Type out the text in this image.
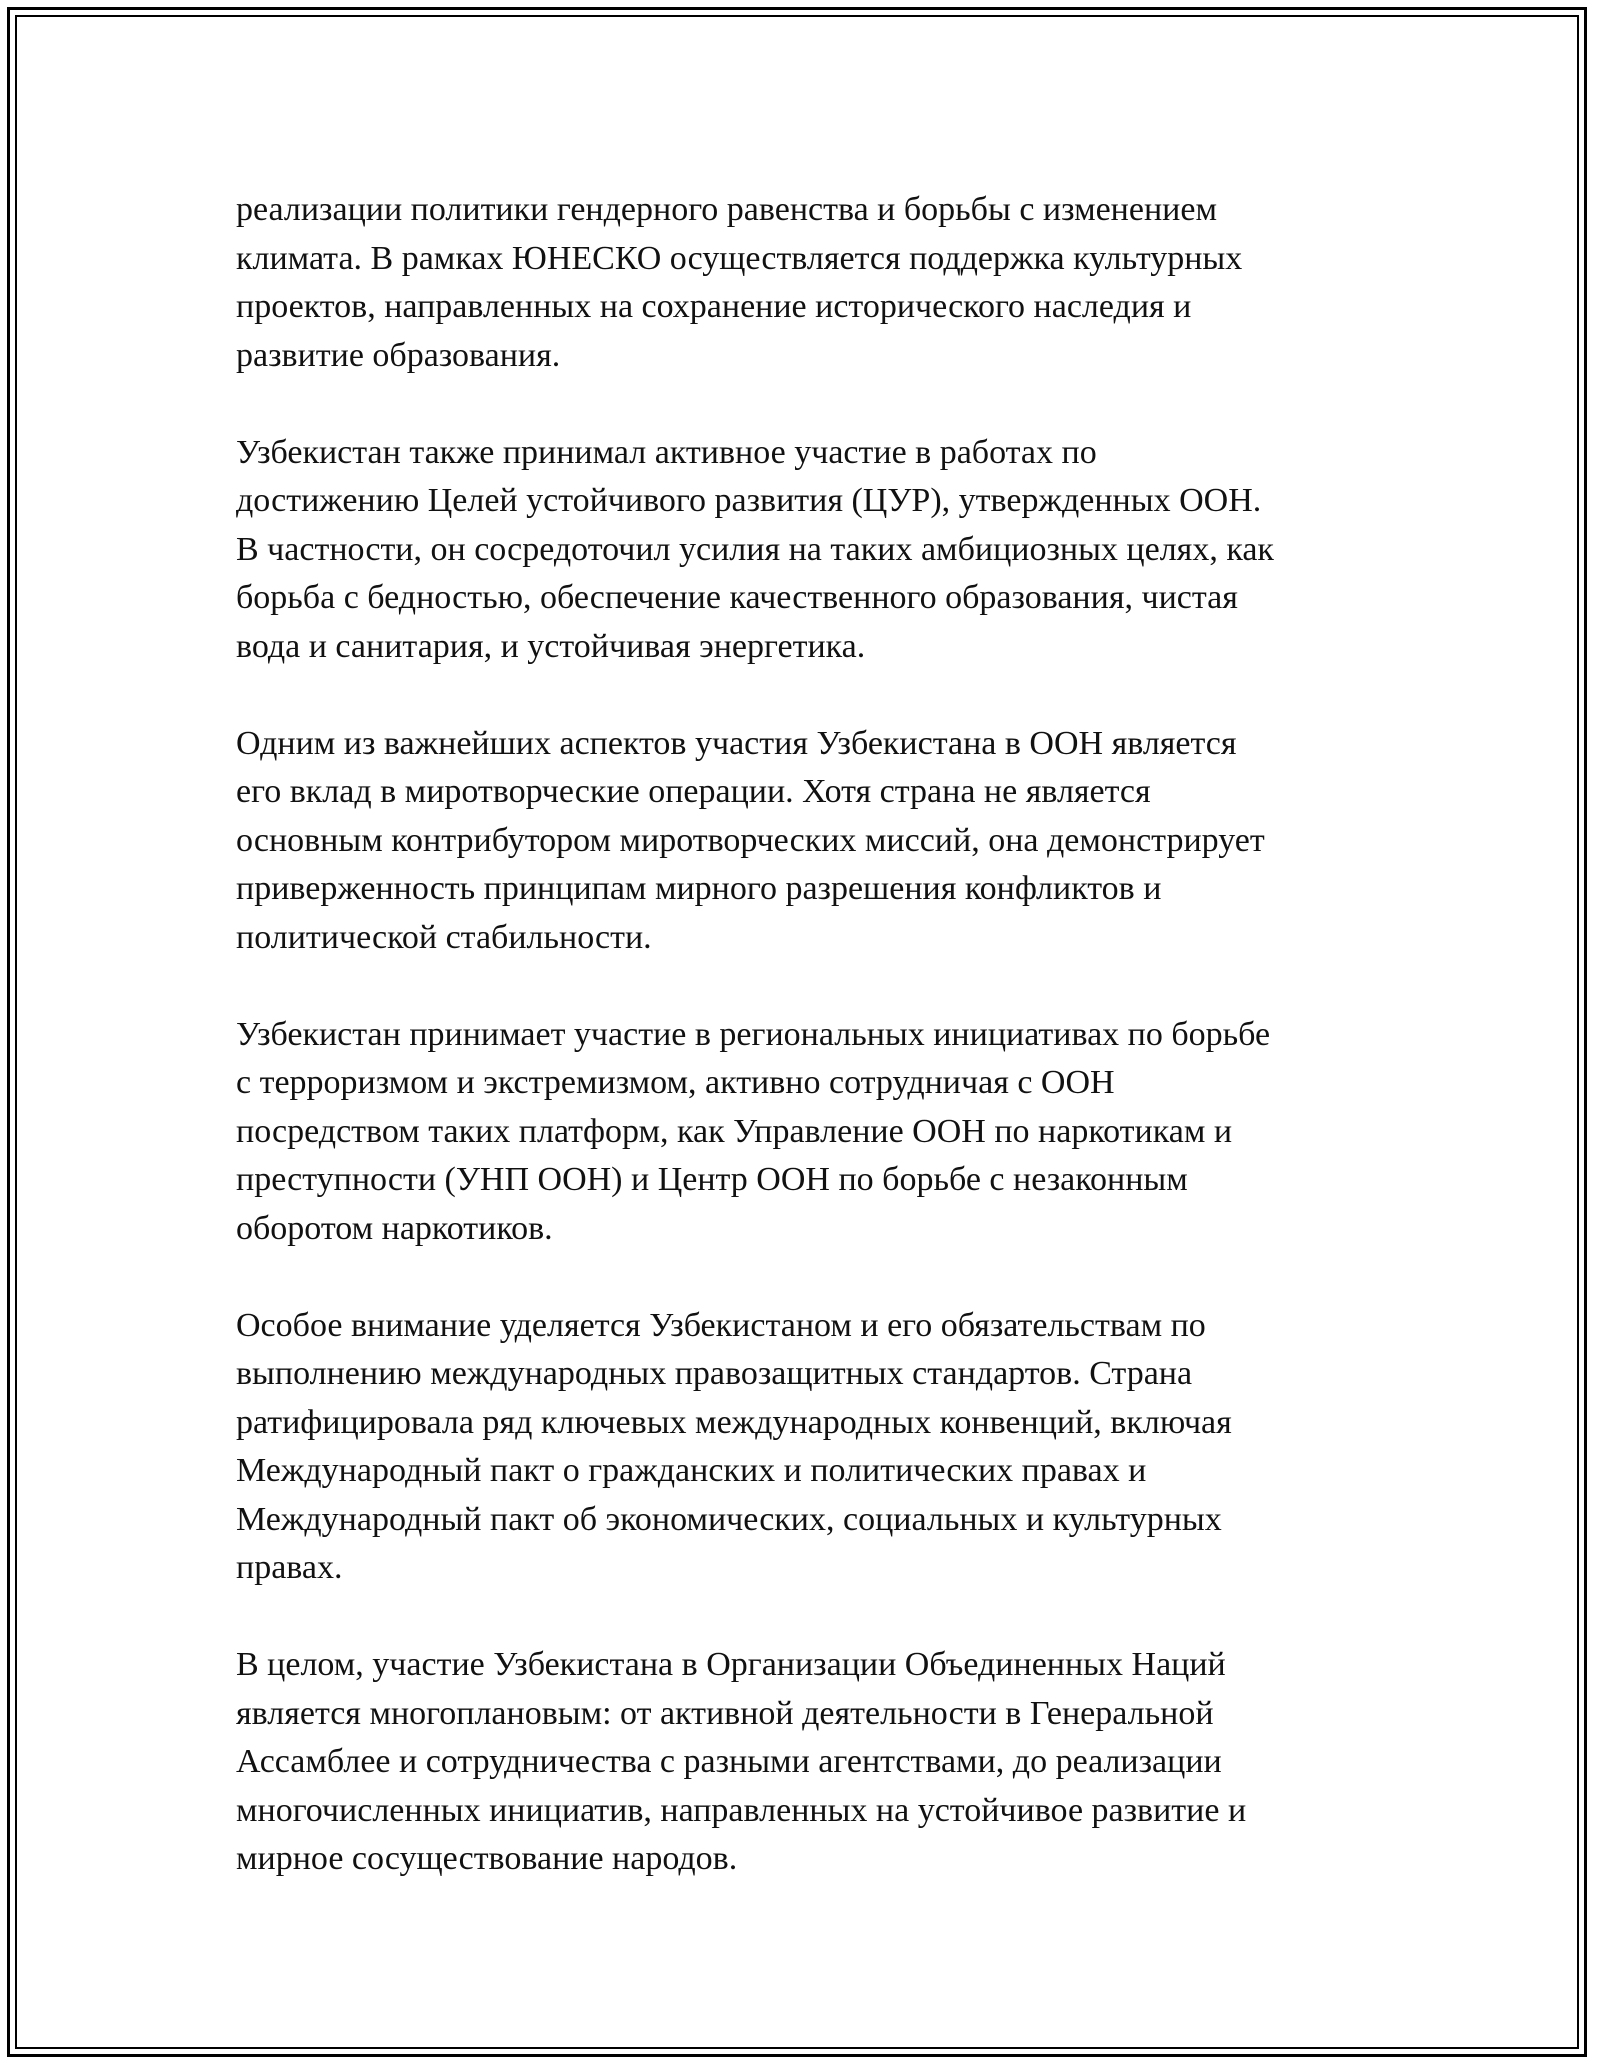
реализации политики гендерного равенства и борьбы с изменением
климата. В рамках ЮНЕСКО осуществляется поддержка культурных
проектов, направленных на сохранение исторического наследия и
развитие образования.
Узбекистан также принимал активное участие в работах по
достижению Целей устойчивого развития (ЦУР), утвержденных ООН.
В частности, он сосредоточил усилия на таких амбициозных целях, как
борьба с бедностью, обеспечение качественного образования, чистая
вода и санитария, и устойчивая энергетика.
Одним из важнейших аспектов участия Узбекистана в ООН является
его вклад в миротворческие операции. Хотя страна не является
основным контрибутором миротворческих миссий, она демонстрирует
приверженность принципам мирного разрешения конфликтов и
политической стабильности.
Узбекистан принимает участие в региональных инициативах по борьбе
с терроризмом и экстремизмом, активно сотрудничая с ООН
посредством таких платформ, как Управление ООН по наркотикам и
преступности (УНП ООН) и Центр ООН по борьбе с незаконным
оборотом наркотиков.
Особое внимание уделяется Узбекистаном и его обязательствам по
выполнению международных правозащитных стандартов. Страна
ратифицировала ряд ключевых международных конвенций, включая
Международный пакт о гражданских и политических правах и
Международный пакт об экономических, социальных и культурных
правах.
В целом, участие Узбекистана в Организации Объединенных Наций
является многоплановым: от активной деятельности в Генеральной
Ассамблее и сотрудничества с разными агентствами, до реализации
многочисленных инициатив, направленных на устойчивое развитие и
мирное сосуществование народов.
